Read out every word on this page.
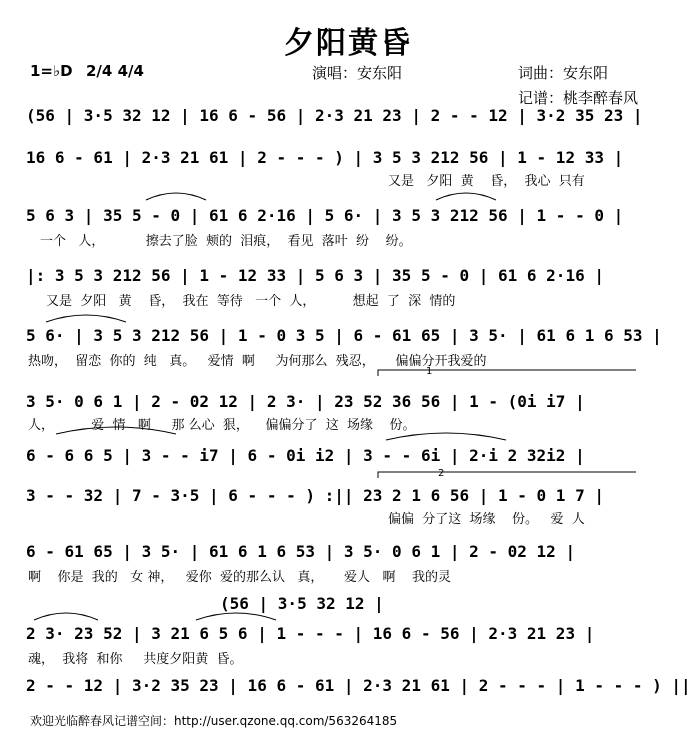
夕阳黄昏
1=♭D 2/4 4/4	演唱：安东阳	词曲：安东阳
记谱：桃李醉春风
(56 | 3·5 32 12 | 16 6 - 56 | 2·3 21 23 | 2 - - 12 | 3·2 35 23 |
16 6 - 61 | 2·3 21 61 | 2 - - - ) | 3 5 3 212 56 | 1 - 12 33 |
又是   夕阳  黄    昏，  我心  只有
5 6 3 | 35 5 - 0 | 61 6 2·16 | 5 6· | 3 5 3 212 56 | 1 - - 0 |
一个   人，          擦去了脸  颊的  泪痕，  看见  落叶  纷    纷。
|: 3 5 3 212 56 | 1 - 12 33 | 5 6 3 | 35 5 - 0 | 61 6 2·16 |
又是  夕阳   黄    昏，  我在  等待   一个  人，         想起  了  深  情的
5 6· | 3 5 3 212 56 | 1 - 0 3 5 | 6 - 61 65 | 3 5· | 61 6 1 6 53 |
热吻，  留恋  你的  纯   真。   爱情  啊     为何那么  残忍，     偏偏分开我爱的
3 5· 0 6 1 | 2 - 02 12 | 2 3· | 23 52 36 56 | 1 - (0i i7 |
人，         爱  情   啊     那 么心  狠，    偏偏分了  这  场缘    份。
6 - 6 6 5 | 3 - - i7 | 6 - 0i i2 | 3 - - 6i | 2·i 2 32i2 |
3 - - 32 | 7 - 3·5 | 6 - - - ) :|| 23 2 1 6 56 | 1 - 0 1 7 |
偏偏  分了这  场缘    份。   爱  人
6 - 61 65 | 3 5· | 61 6 1 6 53 | 3 5· 0 6 1 | 2 - 02 12 |
啊    你是  我的   女 神，   爱你  爱的那么认   真，     爱人   啊    我的灵
(56 | 3·5 32 12 |
2 3· 23 52 | 3 21 6 5 6 | 1 - - - | 16 6 - 56 | 2·3 21 23 |
魂，  我将  和你     共度夕阳黄  昏。
2 - - 12 | 3·2 35 23 | 16 6 - 61 | 2·3 21 61 | 2 - - - | 1 - - - ) ||
1
2
欢迎光临醉春风记谱空间：http://user.qzone.qq.com/563264185
